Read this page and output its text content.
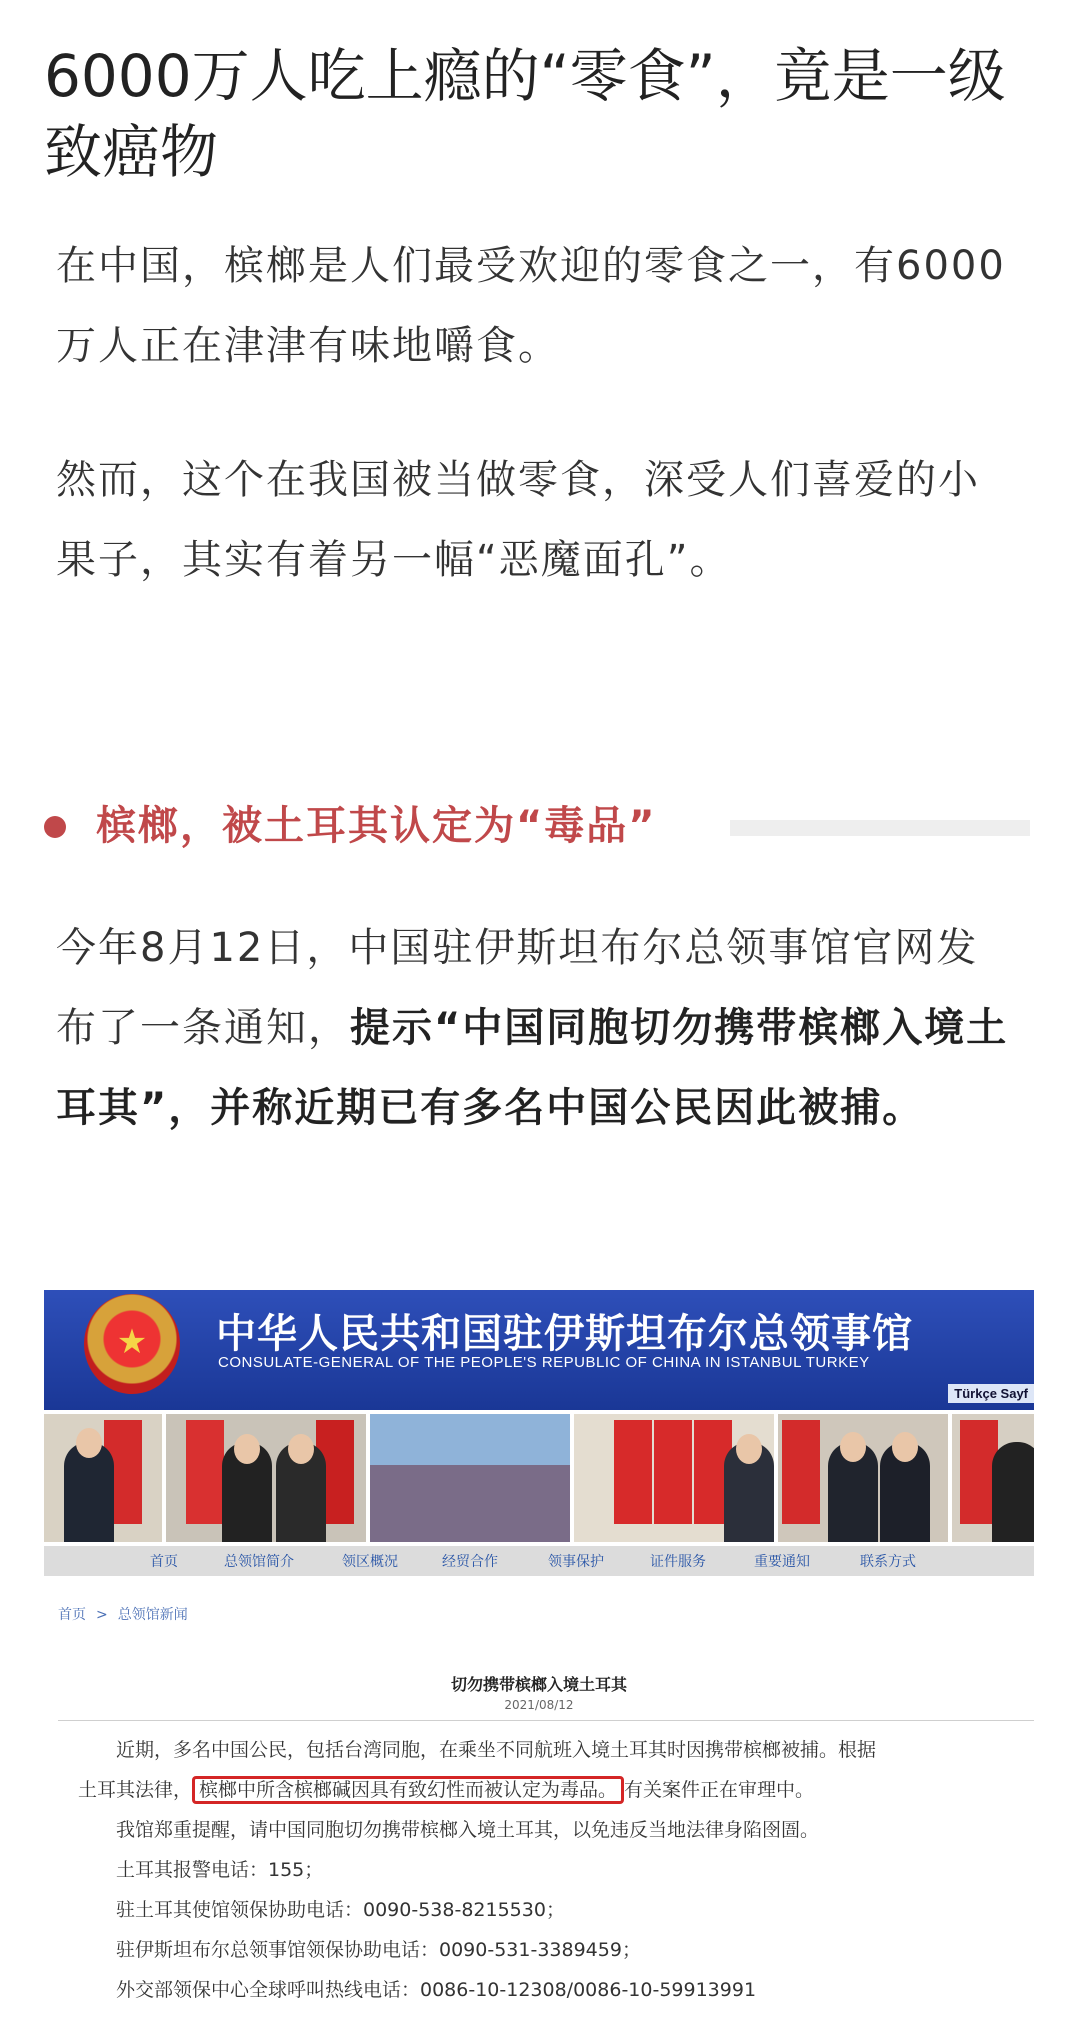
6000万人吃上瘾的“零食”，竟是一级致癌物

在中国，槟榔是人们最受欢迎的零食之一，有6000万人正在津津有味地嚼食。

然而，这个在我国被当做零食，深受人们喜爱的小果子，其实有着另一幅“恶魔面孔”。

槟榔，被土耳其认定为“毒品”

今年8月12日，中国驻伊斯坦布尔总领事馆官网发布了一条通知，提示“中国同胞切勿携带槟榔入境土耳其”，并称近期已有多名中国公民因此被捕。

★	中华人民共和国驻伊斯坦布尔总领事馆
CONSULATE-GENERAL OF THE PEOPLE'S REPUBLIC OF CHINA IN ISTANBUL TURKEY
Türkçe Sayf
首页	总领馆简介	领区概况	经贸合作	领事保护	证件服务	重要通知	联系方式
首页 > 总领馆新闻
切勿携带槟榔入境土耳其
2021/08/12
近期，多名中国公民，包括台湾同胞，在乘坐不同航班入境土耳其时因携带槟榔被捕。根据
土耳其法律， 槟榔中所含槟榔碱因具有致幻性而被认定为毒品。 有关案件正在审理中。
我馆郑重提醒，请中国同胞切勿携带槟榔入境土耳其，以免违反当地法律身陷囹圄。
土耳其报警电话：155；
驻土耳其使馆领保协助电话：0090-538-8215530；
驻伊斯坦布尔总领事馆领保协助电话：0090-531-3389459；
外交部领保中心全球呼叫热线电话：0086-10-12308/0086-10-59913991
